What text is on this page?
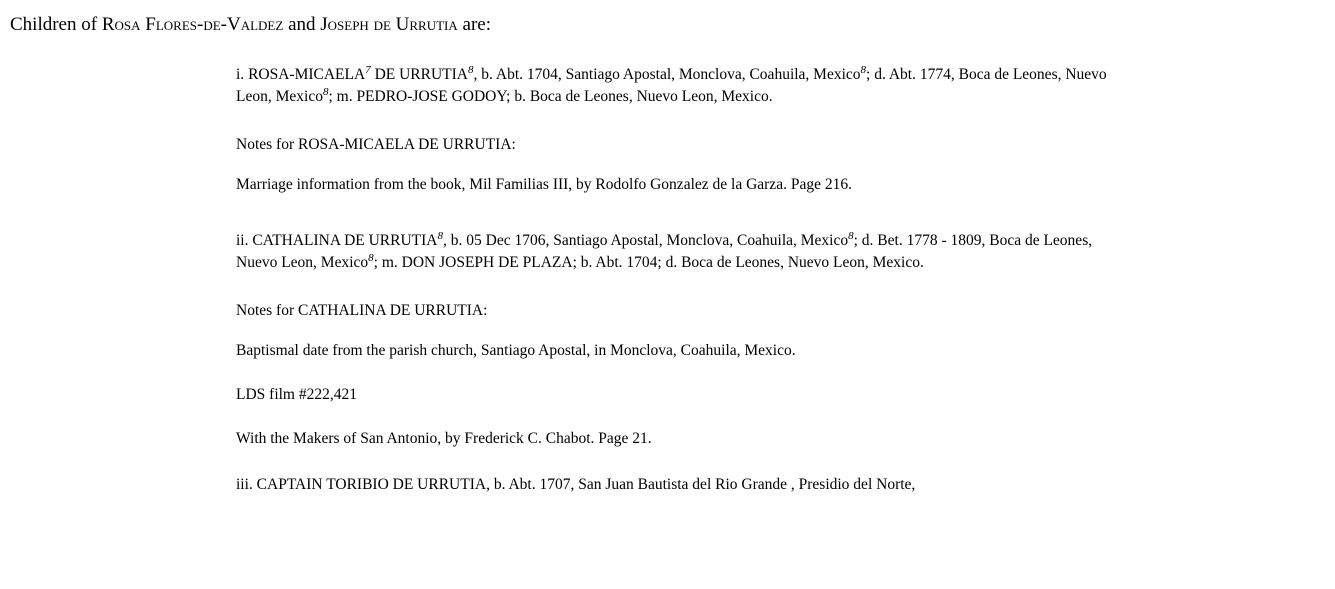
Children of Rosa Flores-de-Valdez and Joseph de Urrutia are:

i. ROSA-MICAELA$^7$ DE URRUTIA$^8$, b. Abt. 1704, Santiago Apostal, Monclova, Coahuila, Mexico$^8$; d. Abt. 1774, Boca de Leones, Nuevo Leon, Mexico$^8$; m. PEDRO-JOSE GODOY; b. Boca de Leones, Nuevo Leon, Mexico.

Notes for ROSA-MICAELA DE URRUTIA:

Marriage information from the book, Mil Familias III, by Rodolfo Gonzalez de la Garza. Page 216.

ii. CATHALINA DE URRUTIA$^8$, b. 05 Dec 1706, Santiago Apostal, Monclova, Coahuila, Mexico$^8$; d. Bet. 1778 - 1809, Boca de Leones, Nuevo Leon, Mexico$^8$; m. DON JOSEPH DE PLAZA; b. Abt. 1704; d. Boca de Leones, Nuevo Leon, Mexico.

Notes for CATHALINA DE URRUTIA:

Baptismal date from the parish church, Santiago Apostal, in Monclova, Coahuila, Mexico.

LDS film #222,421

With the Makers of San Antonio, by Frederick C. Chabot. Page 21.

iii. CAPTAIN TORIBIO DE URRUTIA, b. Abt. 1707, San Juan Bautista del Rio Grande , Presidio del Norte,
